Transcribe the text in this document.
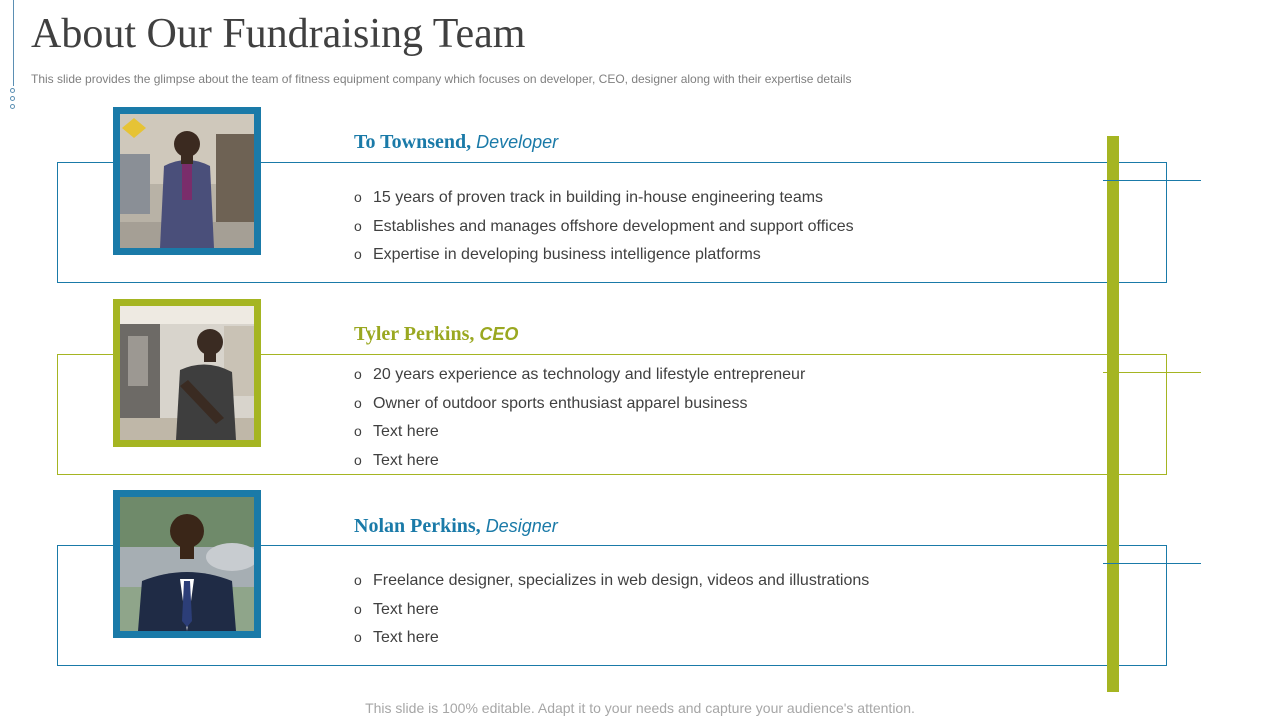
About Our Fundraising Team

This slide provides the glimpse about the team of fitness equipment company which focuses on developer, CEO, designer along with their expertise details

To Townsend, Developer
o 15 years of proven track in building in-house engineering teams
o Establishes and manages offshore development and support offices
o Expertise in developing business intelligence platforms
Tyler Perkins, CEO
o 20 years experience as technology and lifestyle entrepreneur
o Owner of outdoor sports enthusiast apparel business
o Text here
o Text here
Nolan Perkins, Designer
o Freelance designer, specializes in web design, videos and illustrations
o Text here
o Text here

This slide is 100% editable. Adapt it to your needs and capture your audience's attention.
